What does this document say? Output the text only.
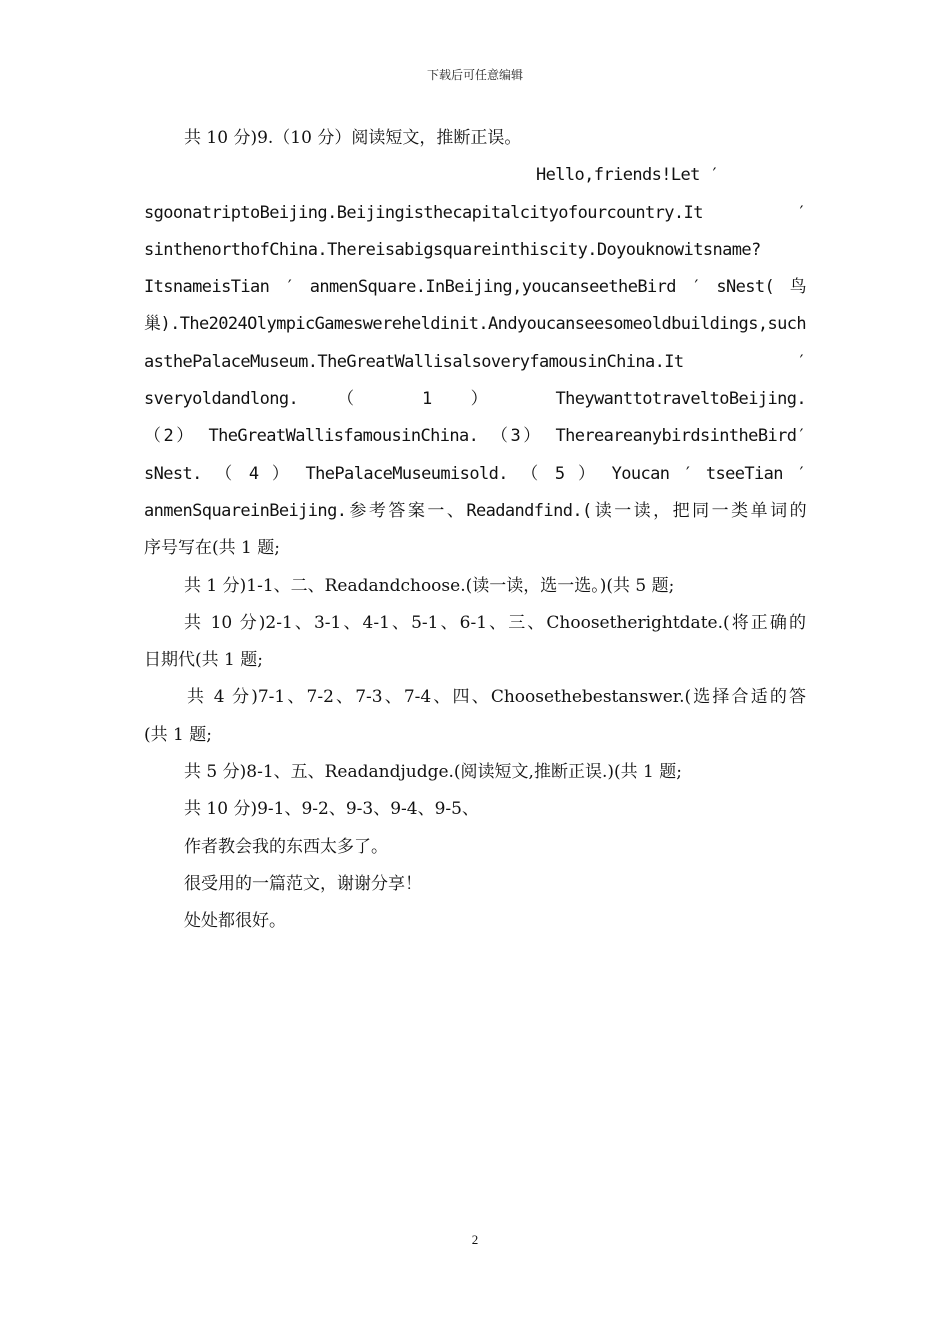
下载后可任意编辑
共 10 分)9.（10 分）阅读短文，推断正误。
Hello,friends!Let ′
sgoonatriptoBeijing.Beijingisthecapitalcityofourcountry.It ′
sinthenorthofChina.Thereisabigsquareinthiscity.Doyouknowitsname?
ItsnameisTian ′ anmenSquare.InBeijing,youcanseetheBird ′ sNest( 鸟
巢).The2024OlympicGameswereheldinit.Andyoucanseesomeoldbuildings,such
asthePalaceMuseum.TheGreatWallisalsoveryfamousinChina.It ′
sveryoldandlong. （ 1 ） TheywanttotraveltoBeijing.
（2） TheGreatWallisfamousinChina. （3） ThereareanybirdsintheBird′
sNest. （ 4 ） ThePalaceMuseumisold. （ 5 ） Youcan ′ tseeTian ′
anmenSquareinBeijing.参考答案一、Readandfind.(读一读，把同一类单词的
序号写在(共 1 题;
共 1 分)1-1、二、Readandchoose.(读一读，选一选。)(共 5 题;
共 10 分)2-1、3-1、4-1、5-1、6-1、三、Choosetherightdate.(将正确的
日期代(共 1 题;
共 4 分)7-1、7-2、7-3、7-4、四、Choosethebestanswer.(选择合适的答
(共 1 题;
共 5 分)8-1、五、Readandjudge.(阅读短文,推断正误.)(共 1 题;
共 10 分)9-1、9-2、9-3、9-4、9-5、
作者教会我的东西太多了。
很受用的一篇范文，谢谢分享！
处处都很好。
2
